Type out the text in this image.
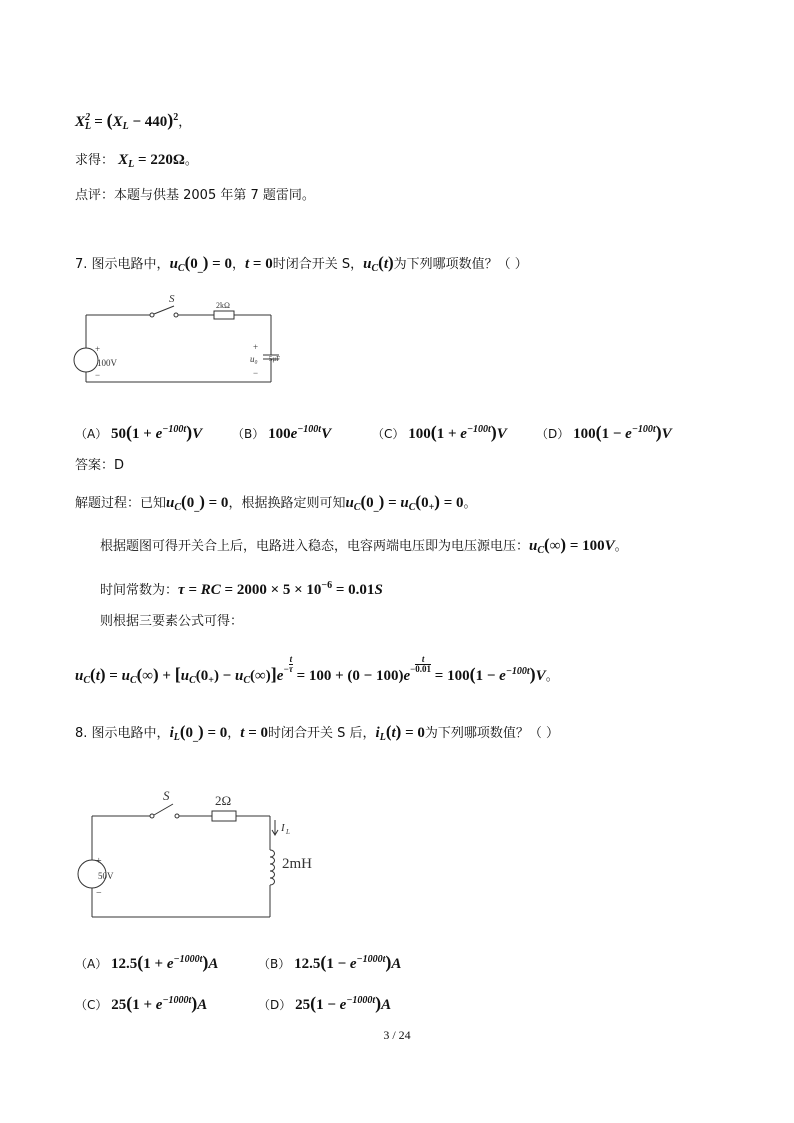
$X_L^2 = (X_L - 440)^2$，
求得： $X_L = 220\Omega$。
点评：本题与供基 2005 年第 7 题雷同。
7. 图示电路中，$u_C(0_{\_}) = 0$，t = 0时闭合开关 S，$u_C(t)$为下列哪项数值？（ ）
S
2kΩ
+
100V
−
+
u₀
−
5μF
（A） $50(1 + e^{-100t})V$ （B） $100e^{-100t}V$	（C） $100(1 + e^{-100t})V$ （D） $100(1 - e^{-100t})V$
答案：D
解题过程：已知$u_C(0_{\_}) = 0$，根据换路定则可知$u_C(0_{\_}) = u_C(0_+) = 0$。
根据题图可得开关合上后，电路进入稳态，电容两端电压即为电压源电压：$u_C(\infty) = 100V$。
时间常数为：τ = RC = $2000 \times 5 \times 10^{-6} = 0.01S$
则根据三要素公式可得：
$u_C(t) = u_C(\infty) + [u_C(0_+) - u_C(\infty)]e- \frac{t}{\tau}$
= $100 + (0 - 100)e- \frac{t}{0.01}$
= $100(1 - e^{-100t})V$。
8. 图示电路中，$i_L(0_{\_}) = 0$，t = 0时闭合开关 S 后，$i_L(t) = 0$为下列哪项数值？（ ）
S	2Ω
+
50V
−
I L
2mH
（A） $12.5(1 + e^{-1000t})A$	（B） $12.5(1 - e^{-1000t})A$
（C） $25(1 + e^{-1000t})A$	（D） $25(1 - e^{-1000t})A$
3 / 24
